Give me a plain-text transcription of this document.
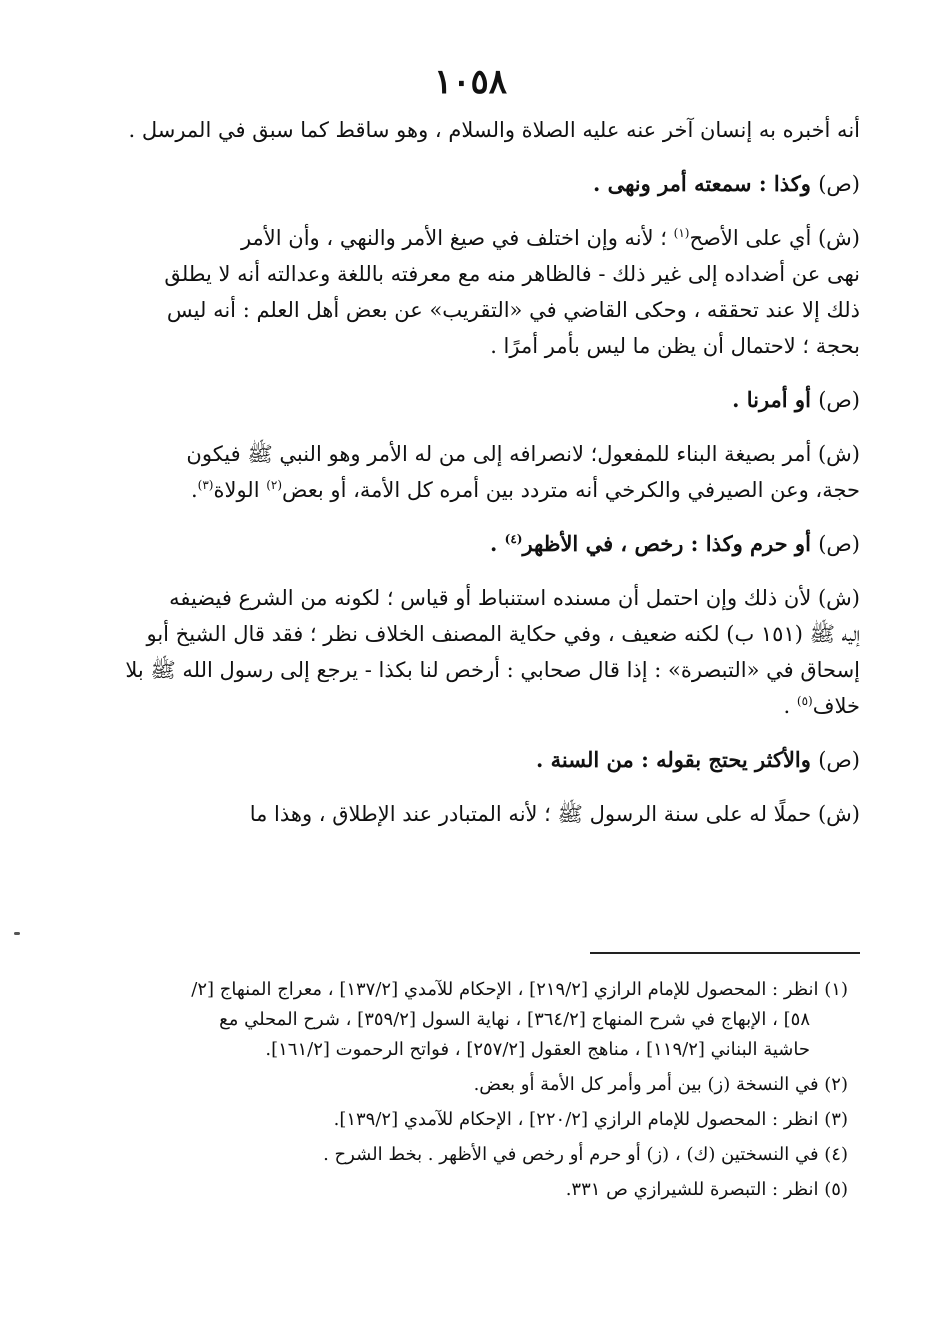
١٠٥٨

أنه أخبره به إنسان آخر عنه عليه الصلاة والسلام ، وهو ساقط كما سبق في المرسل .

(ص) وكذا : سمعته أمر ونهى .

(ش) أي على الأصح$^{(١)}$ ؛ لأنه وإن اختلف في صيغ الأمر والنهي ، وأن الأمر
نهى عن أضداده إلى غير ذلك - فالظاهر منه مع معرفته باللغة وعدالته أنه لا يطلق
ذلك إلا عند تحققه ، وحكى القاضي في «التقريب» عن بعض أهل العلم : أنه ليس
بحجة ؛ لاحتمال أن يظن ما ليس بأمر أمرًا .

(ص) أو أمرنا .

(ش) أمر بصيغة البناء للمفعول؛ لانصرافه إلى من له الأمر وهو النبي ﷺ فيكون
حجة، وعن الصيرفي والكرخي أنه متردد بين أمره كل الأمة، أو بعض$^{(٢)}$ الولاة$^{(٣)}$.

(ص) أو حرم وكذا : رخص ، في الأظهر$^{(٤)}$ .

(ش) لأن ذلك وإن احتمل أن مسنده استنباط أو قياس ؛ لكونه من الشرع فيضيفه
إليه ﷺ (١٥١ ب) لكنه ضعيف ، وفي حكاية المصنف الخلاف نظر ؛ فقد قال الشيخ أبو
إسحاق في «التبصرة» : إذا قال صحابي : أرخص لنا بكذا - يرجع إلى رسول الله ﷺ بلا
خلاف$^{(٥)}$ .

(ص) والأكثر يحتج بقوله : من السنة .

(ش) حملًا له على سنة الرسول ﷺ ؛ لأنه المتبادر عند الإطلاق ، وهذا ما

(١) انظر : المحصول للإمام الرازي [٢١٩/٢] ، الإحكام للآمدي [١٣٧/٢] ، معراج المنهاج [٢/
٥٨] ، الإبهاج في شرح المنهاج [٣٦٤/٢] ، نهاية السول [٣٥٩/٢] ، شرح المحلي مع
حاشية البناني [١١٩/٢] ، مناهج العقول [٢٥٧/٢] ، فواتح الرحموت [١٦١/٢].
(٢) في النسخة (ز) بين أمر وأمر كل الأمة أو بعض.
(٣) انظر : المحصول للإمام الرازي [٢٢٠/٢] ، الإحكام للآمدي [١٣٩/٢].
(٤) في النسختين (ك) ، (ز) أو حرم أو رخص في الأظهر . بخط الشرح .
(٥) انظر : التبصرة للشيرازي ص ٣٣١.
